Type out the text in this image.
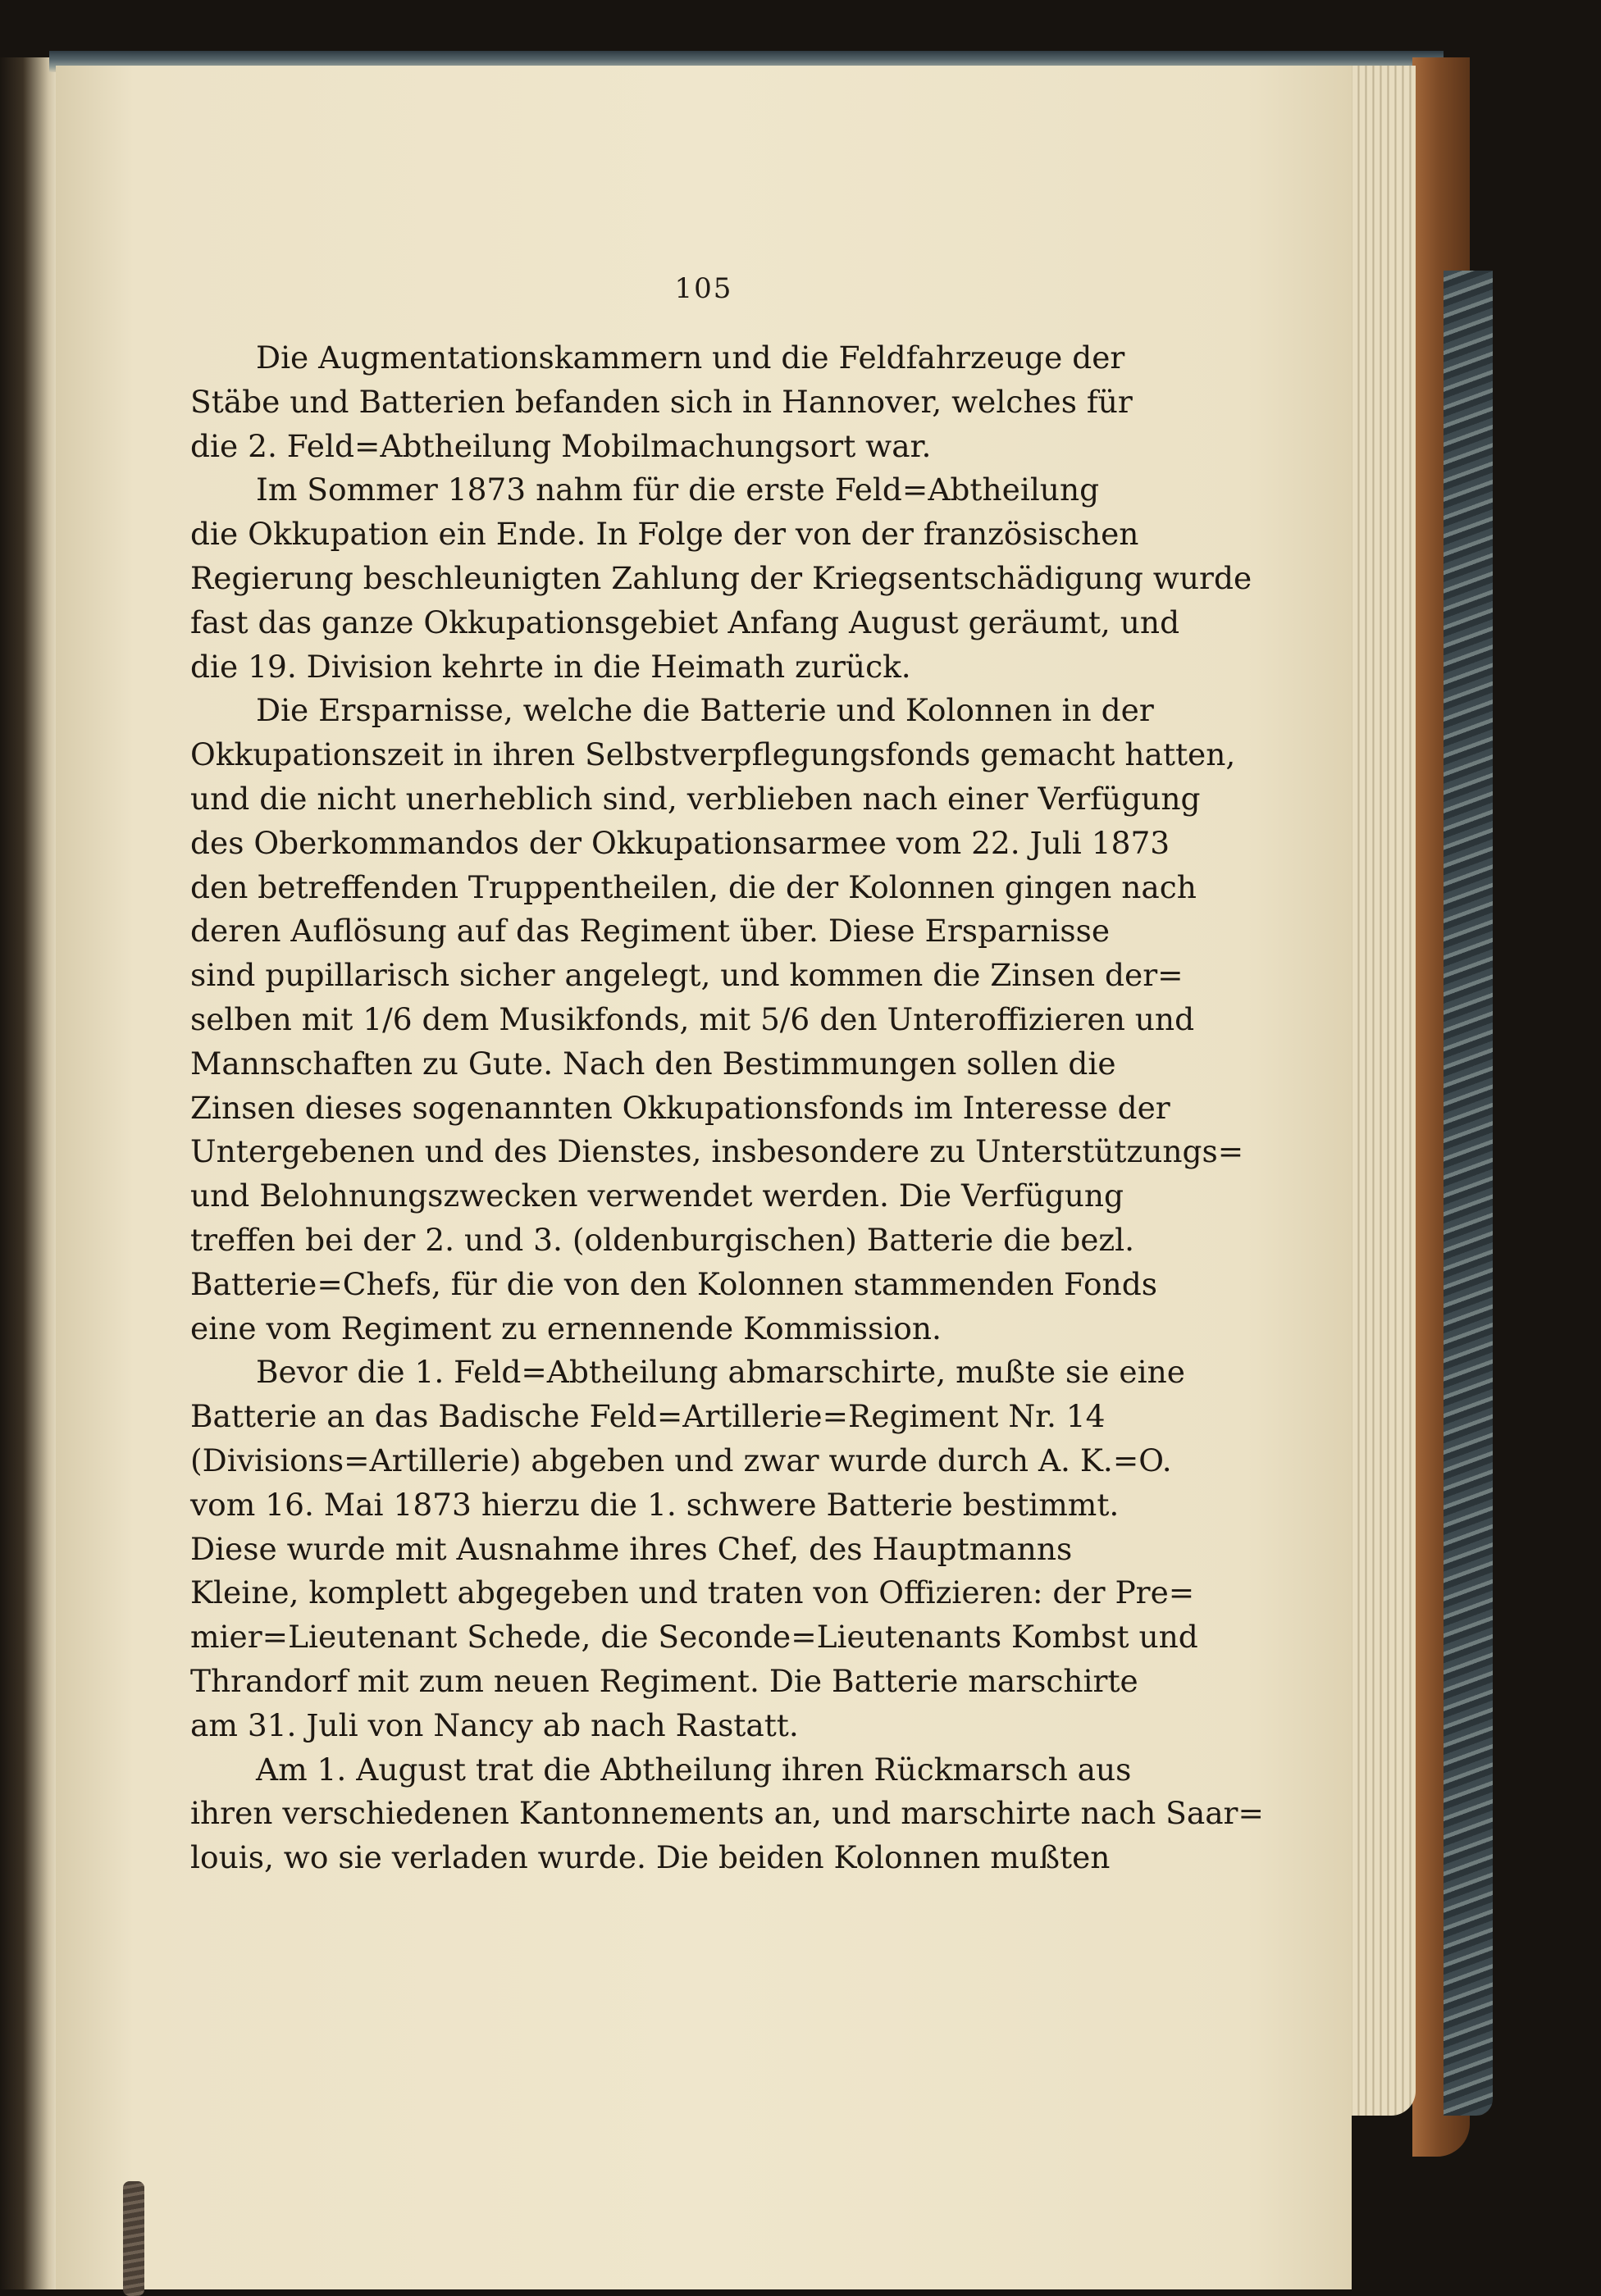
105
Die Augmentationskammern und die Feldfahrzeuge der
Stäbe und Batterien befanden sich in Hannover, welches für
die 2. Feld=Abtheilung Mobilmachungsort war.
Im Sommer 1873 nahm für die erste Feld=Abtheilung
die Okkupation ein Ende. In Folge der von der französischen
Regierung beschleunigten Zahlung der Kriegsentschädigung wurde
fast das ganze Okkupationsgebiet Anfang August geräumt, und
die 19. Division kehrte in die Heimath zurück.
Die Ersparnisse, welche die Batterie und Kolonnen in der
Okkupationszeit in ihren Selbstverpflegungsfonds gemacht hatten,
und die nicht unerheblich sind, verblieben nach einer Verfügung
des Oberkommandos der Okkupationsarmee vom 22. Juli 1873
den betreffenden Truppentheilen, die der Kolonnen gingen nach
deren Auflösung auf das Regiment über. Diese Ersparnisse
sind pupillarisch sicher angelegt, und kommen die Zinsen der=
selben mit 1/6 dem Musikfonds, mit 5/6 den Unteroffizieren und
Mannschaften zu Gute. Nach den Bestimmungen sollen die
Zinsen dieses sogenannten Okkupationsfonds im Interesse der
Untergebenen und des Dienstes, insbesondere zu Unterstützungs=
und Belohnungszwecken verwendet werden. Die Verfügung
treffen bei der 2. und 3. (oldenburgischen) Batterie die bezl.
Batterie=Chefs, für die von den Kolonnen stammenden Fonds
eine vom Regiment zu ernennende Kommission.
Bevor die 1. Feld=Abtheilung abmarschirte, mußte sie eine
Batterie an das Badische Feld=Artillerie=Regiment Nr. 14
(Divisions=Artillerie) abgeben und zwar wurde durch A. K.=O.
vom 16. Mai 1873 hierzu die 1. schwere Batterie bestimmt.
Diese wurde mit Ausnahme ihres Chef, des Hauptmanns
Kleine, komplett abgegeben und traten von Offizieren: der Pre=
mier=Lieutenant Schede, die Seconde=Lieutenants Kombst und
Thrandorf mit zum neuen Regiment. Die Batterie marschirte
am 31. Juli von Nancy ab nach Rastatt.
Am 1. August trat die Abtheilung ihren Rückmarsch aus
ihren verschiedenen Kantonnements an, und marschirte nach Saar=
louis, wo sie verladen wurde. Die beiden Kolonnen mußten
